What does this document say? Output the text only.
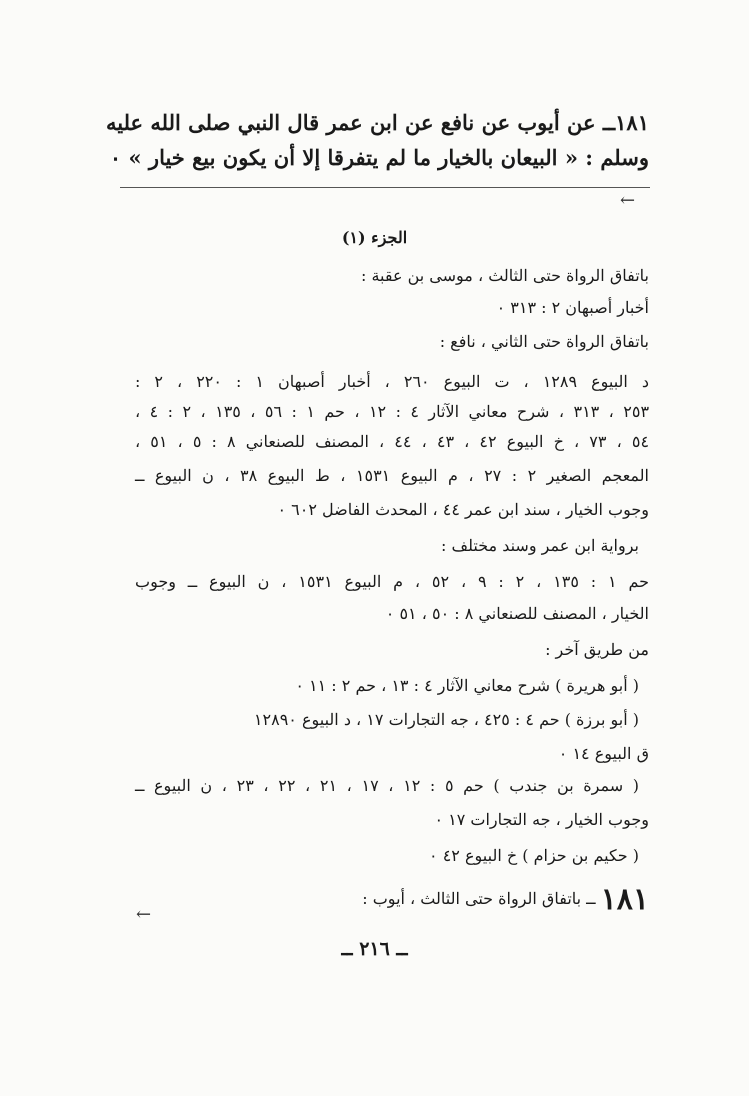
١٨١ــ عن أيوب عن نافع عن ابن عمر قال النبي صلى الله عليه
وسلم : « البيعان بالخيار ما لم يتفرقا إلا أن يكون بيع خيار » ٠
←
الجزء (١)
باتفاق الرواة حتى الثالث ، موسى بن عقبة :
أخبار أصبهان ٢ : ٣١٣ ٠
باتفاق الرواة حتى الثاني ، نافع :
د البيوع ١٢٨٩ ، ت البيوع ٢٦٠ ، أخبار أصبهان ١ : ٢٢٠ ، ٢ :
٢٥٣ ، ٣١٣ ، شرح معاني الآثار ٤ : ١٢ ، حم ١ : ٥٦ ، ١٣٥ ، ٢ : ٤ ،
٥٤ ، ٧٣ ، خ البيوع ٤٢ ، ٤٣ ، ٤٤ ، المصنف للصنعاني ٨ : ٥ ، ٥١ ،
المعجم الصغير ٢ : ٢٧ ، م البيوع ١٥٣١ ، ط البيوع ٣٨ ، ن البيوع ــ
وجوب الخيار ، سند ابن عمر ٤٤ ، المحدث الفاضل ٦٠٢ ٠
برواية ابن عمر وسند مختلف :
حم ١ : ١٣٥ ، ٢ : ٩ ، ٥٢ ، م البيوع ١٥٣١ ، ن البيوع ــ وجوب
الخيار ، المصنف للصنعاني ٨ : ٥٠ ، ٥١ ٠
من طريق آخر :
( أبو هريرة ) شرح معاني الآثار ٤ : ١٣ ، حم ٢ : ١١ ٠
( أبو برزة ) حم ٤ : ٤٢٥ ، جه التجارات ١٧ ، د البيوع ١٢٨٩٠
ق البيوع ١٤ ٠
( سمرة بن جندب ) حم ٥ : ١٢ ، ١٧ ، ٢١ ، ٢٢ ، ٢٣ ، ن البيوع ــ
وجوب الخيار ، جه التجارات ١٧ ٠
( حكيم بن حزام ) خ البيوع ٤٢ ٠
١٨١ ــ باتفاق الرواة حتى الثالث ، أيوب :
←
ــ ٢١٦ ــ
